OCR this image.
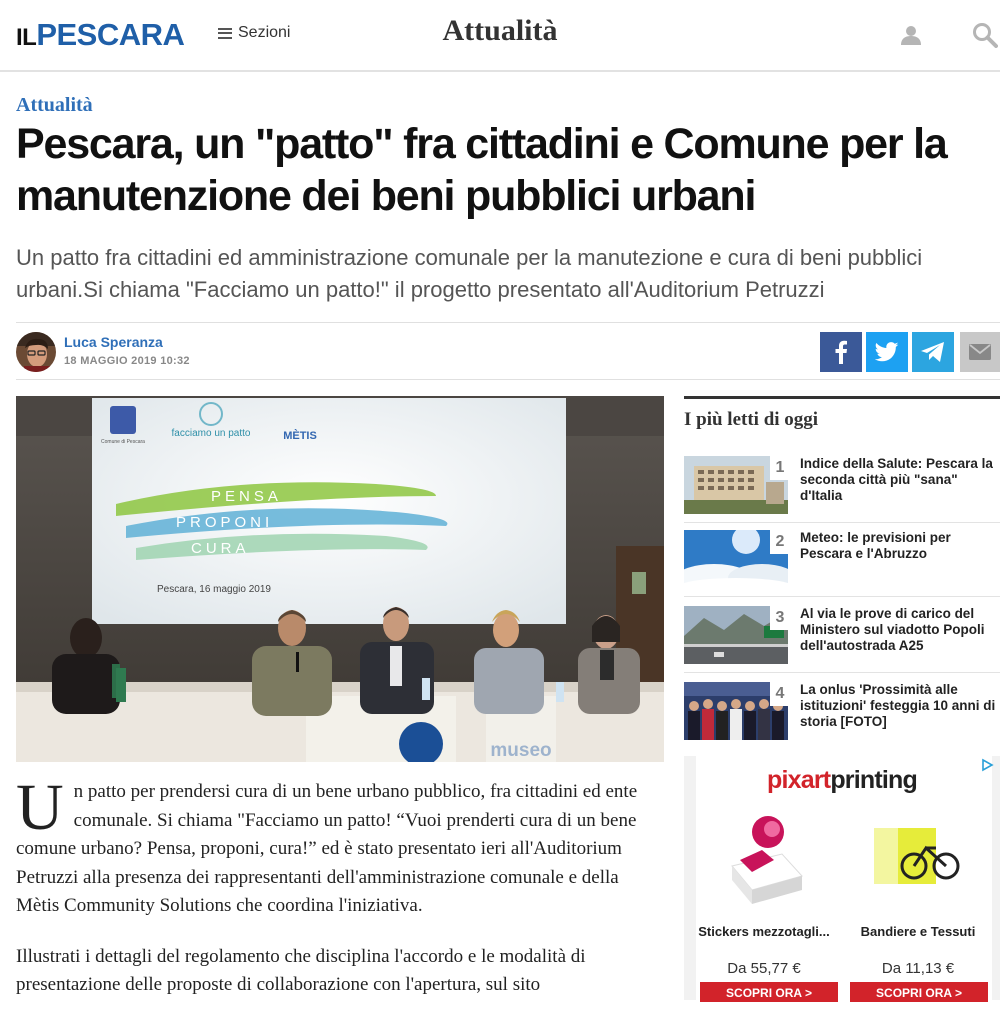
ILPESCARA	Sezioni	Attualità
Attualità
Pescara, un "patto" fra cittadini e Comune per la manutenzione dei beni pubblici urbani

Un patto fra cittadini ed amministrazione comunale per la manutezione e cura di beni pubblici urbani.Si chiama "Facciamo un patto!" il progetto presentato all'Auditorium Petruzzi

Luca Speranza
18 MAGGIO 2019 10:32
Comune di Pescara
facciamo un patto	MÈTIS
PENSA
PROPONI
CURA
Pescara, 16 maggio 2019

Un patto per prendersi cura di un bene urbano pubblico, fra cittadini ed ente comunale. Si chiama "Facciamo un patto! “Vuoi prenderti cura di un bene comune urbano? Pensa, proponi, cura!” ed è stato presentato ieri all'Auditorium Petruzzi alla presenza dei rappresentanti dell'amministrazione comunale e della Mètis Community Solutions che coordina l'iniziativa.

Illustrati i dettagli del regolamento che disciplina l'accordo e le modalità di presentazione delle proposte di collaborazione con l'apertura, sul sito

I più letti di oggi
1	Indice della Salute: Pescara la seconda città più "sana" d'Italia
2	Meteo: le previsioni per Pescara e l'Abruzzo
3	Al via le prove di carico del Ministero sul viadotto Popoli dell'autostrada A25
4	La onlus 'Prossimità alle istituzioni' festeggia 10 anni di storia [FOTO]
pixartprinting
Stickers mezzotagli...	Bandiere e Tessuti
Da 55,77 €	Da 11,13 €
SCOPRI ORA >	SCOPRI ORA >
